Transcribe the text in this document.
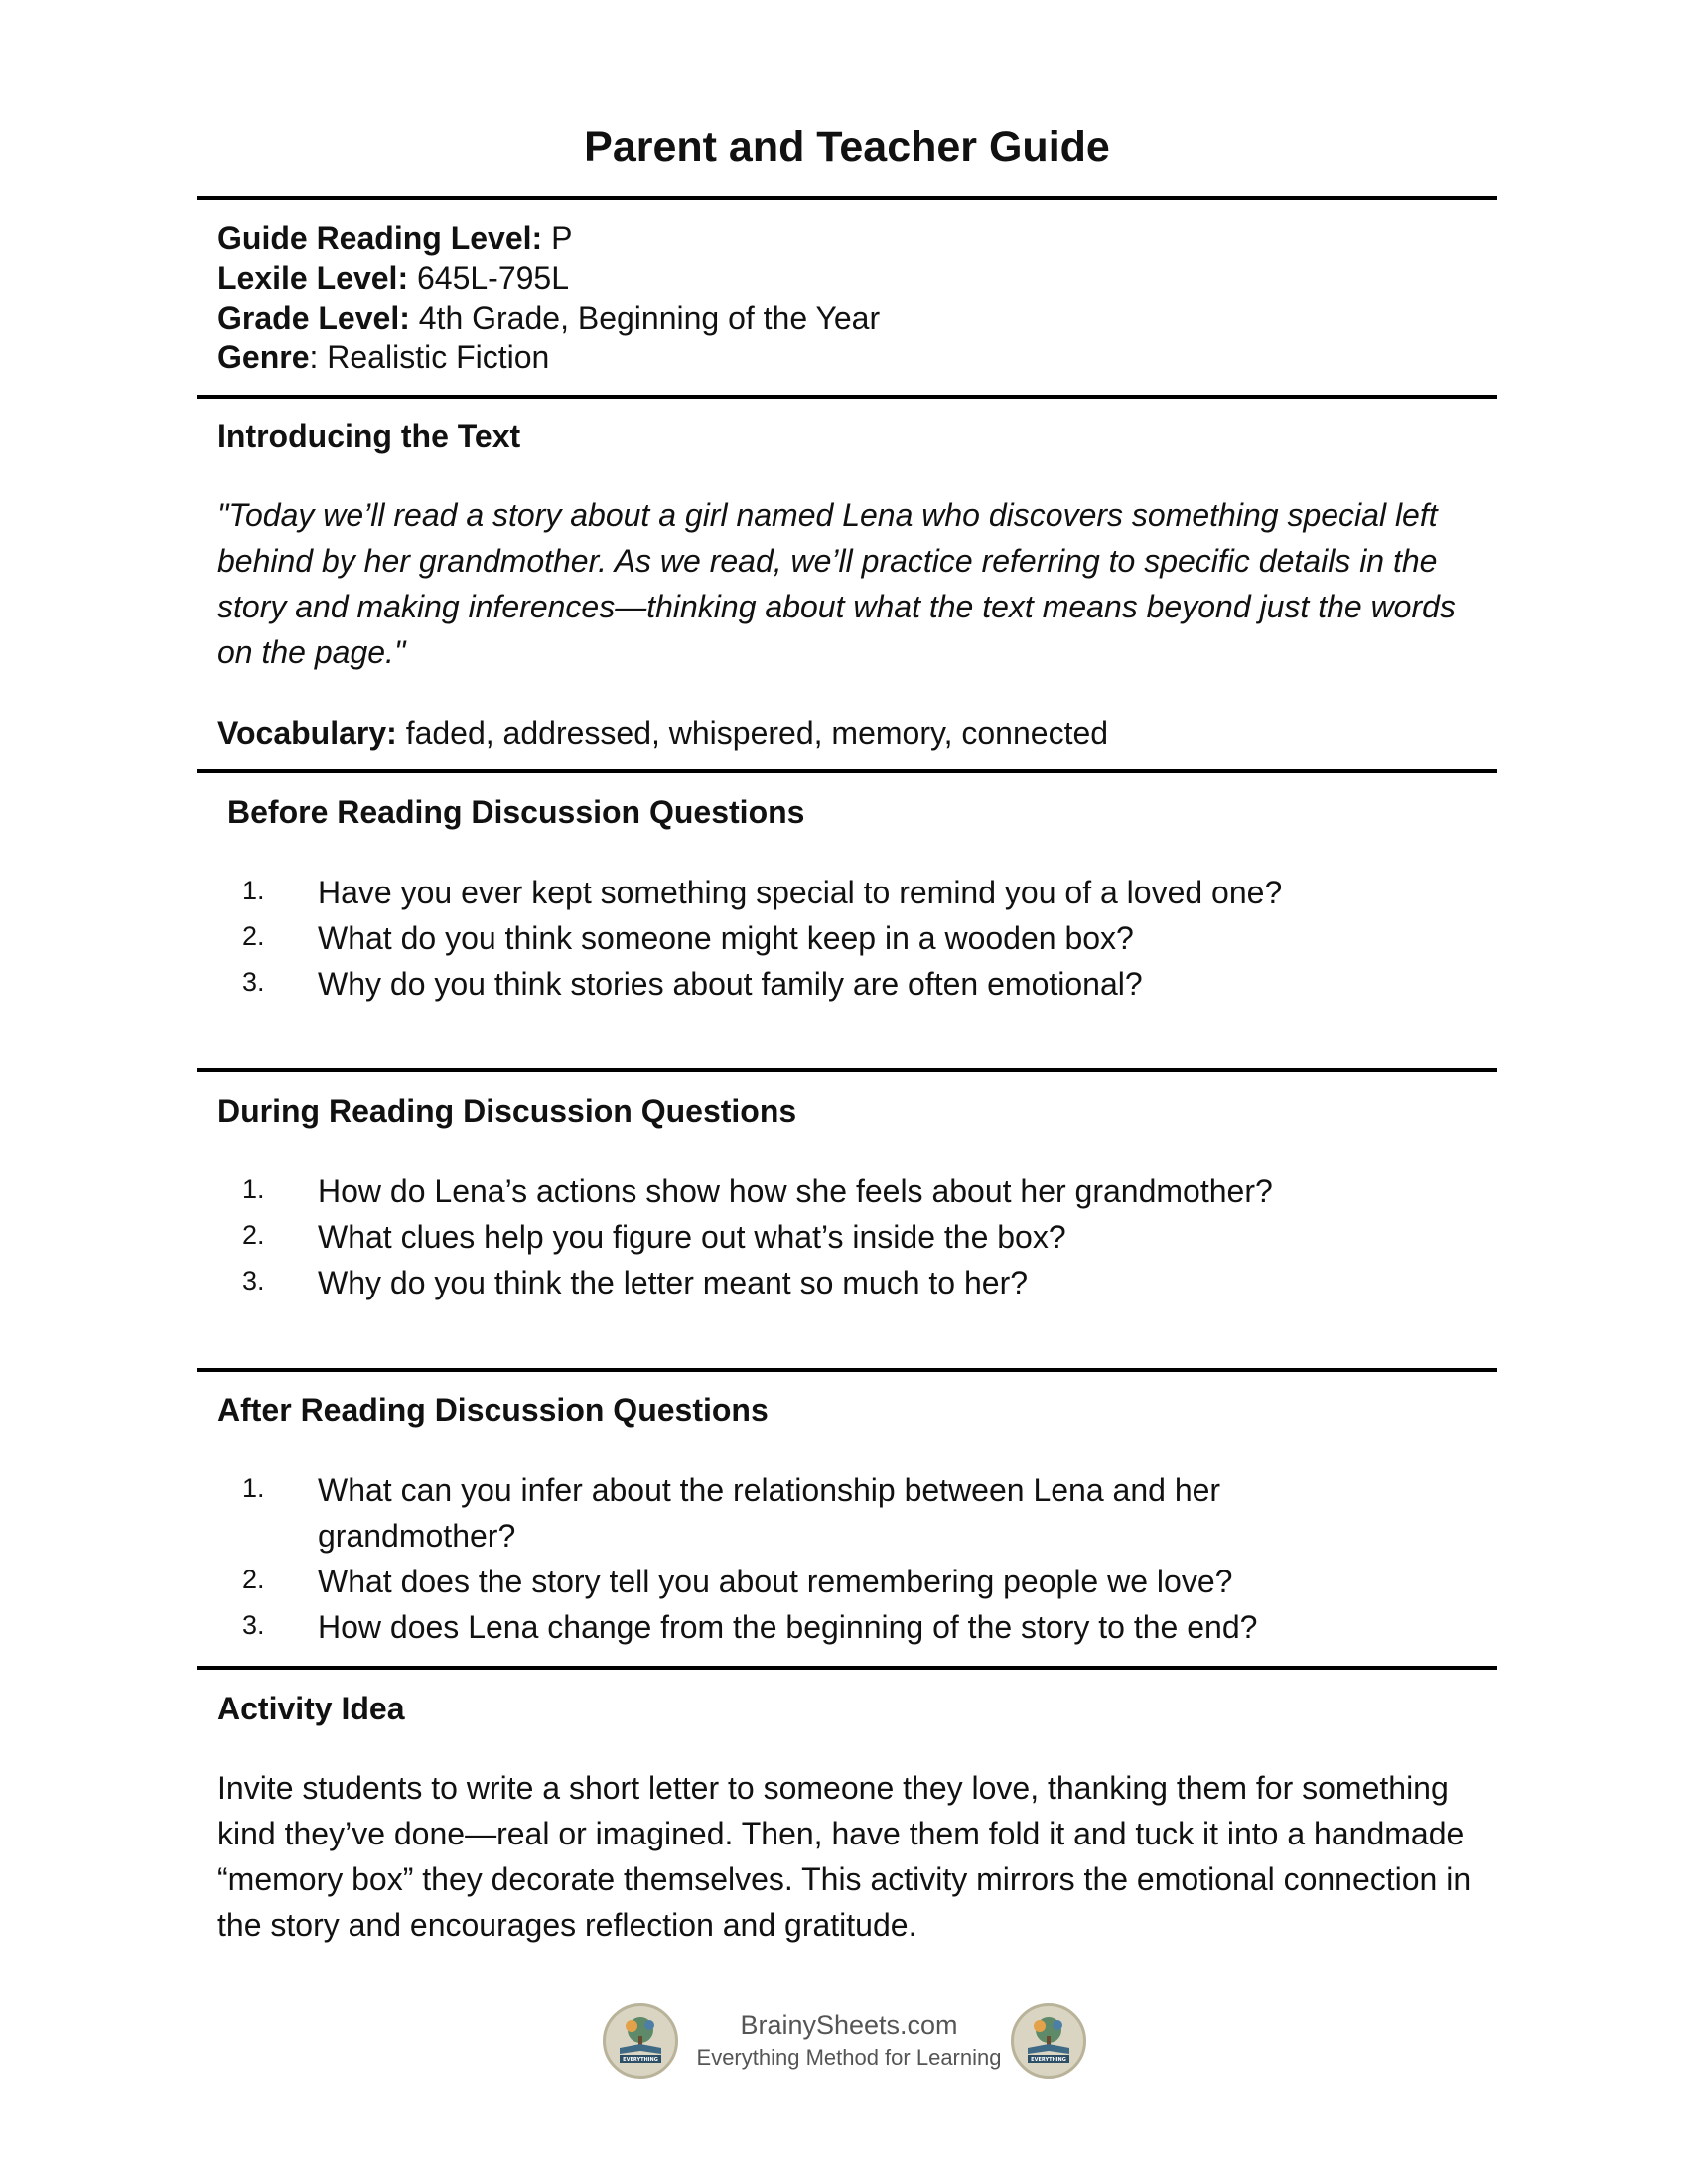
Parent and Teacher Guide
Guide Reading Level: P
Lexile Level: 645L-795L
Grade Level: 4th Grade, Beginning of the Year
Genre: Realistic Fiction
Introducing the Text
"Today we’ll read a story about a girl named Lena who discovers something special left behind by her grandmother. As we read, we’ll practice referring to specific details in the story and making inferences—thinking about what the text means beyond just the words on the page."
Vocabulary: faded, addressed, whispered, memory, connected
Before Reading Discussion Questions
1. Have you ever kept something special to remind you of a loved one?
2. What do you think someone might keep in a wooden box?
3. Why do you think stories about family are often emotional?
During Reading Discussion Questions
1. How do Lena’s actions show how she feels about her grandmother?
2. What clues help you figure out what’s inside the box?
3. Why do you think the letter meant so much to her?
After Reading Discussion Questions
1. What can you infer about the relationship between Lena and her grandmother?
2. What does the story tell you about remembering people we love?
3. How does Lena change from the beginning of the story to the end?
Activity Idea
Invite students to write a short letter to someone they love, thanking them for something kind they’ve done—real or imagined. Then, have them fold it and tuck it into a handmade “memory box” they decorate themselves. This activity mirrors the emotional connection in the story and encourages reflection and gratitude.
EVERYTHING
BrainySheets.com
Everything Method for Learning	EVERYTHING
